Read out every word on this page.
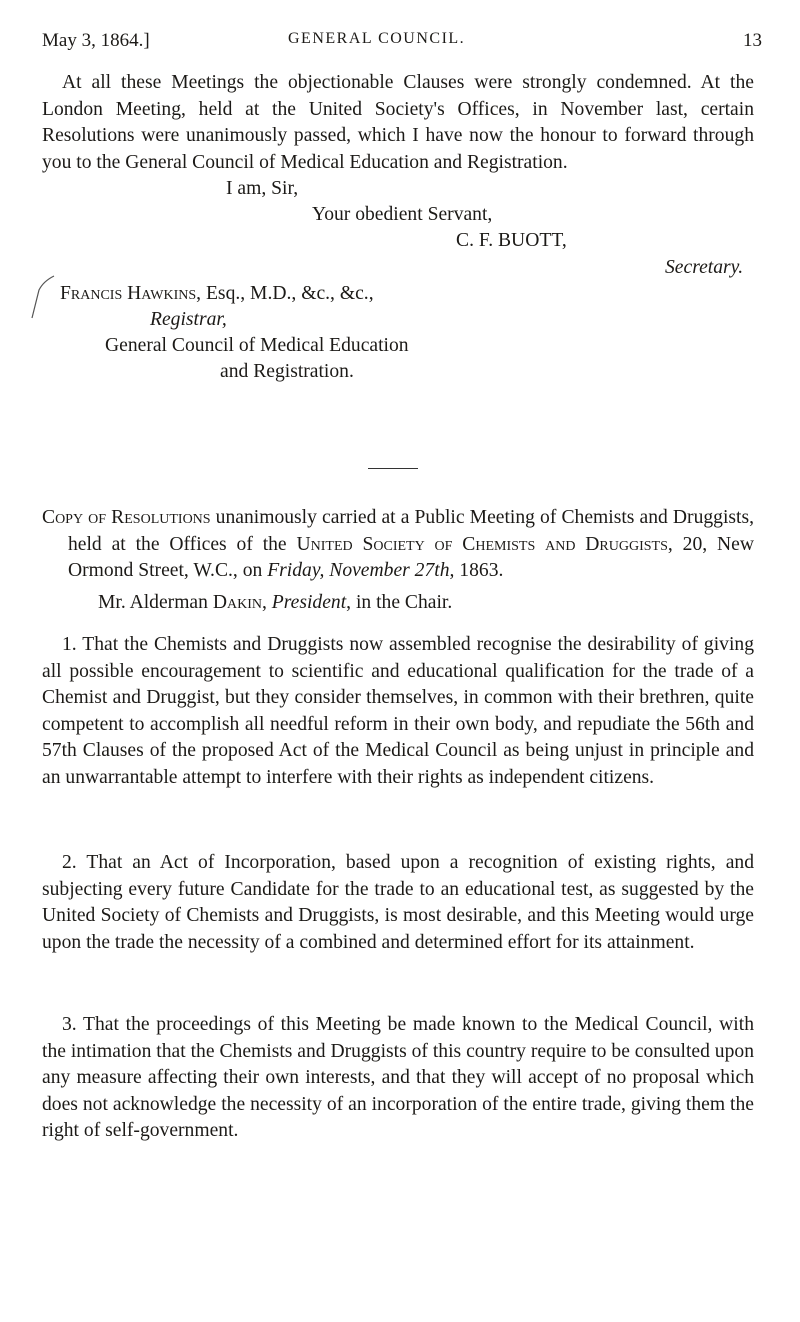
May 3, 1864.]	GENERAL COUNCIL.	13

At all these Meetings the objectionable Clauses were strongly condemned. At the London Meeting, held at the United Society's Offices, in November last, certain Resolutions were unanimously passed, which I have now the honour to forward through you to the General Council of Medical Education and Registration.

I am, Sir,
Your obedient Servant,
C. F. BUOTT,
Secretary.
Francis Hawkins, Esq., M.D., &c., &c.,
Registrar,
General Council of Medical Education
and Registration.

Copy of Resolutions unanimously carried at a Public Meeting of Chemists and Druggists, held at the Offices of the United Society of Chemists and Druggists, 20, New Ormond Street, W.C., on Friday, November 27th, 1863.

Mr. Alderman Dakin, President, in the Chair.

1. That the Chemists and Druggists now assembled recognise the desirability of giving all possible encouragement to scientific and educational qualification for the trade of a Chemist and Druggist, but they consider themselves, in common with their brethren, quite competent to accomplish all needful reform in their own body, and repudiate the 56th and 57th Clauses of the proposed Act of the Medical Council as being unjust in principle and an unwarrantable attempt to interfere with their rights as independent citizens.

2. That an Act of Incorporation, based upon a recognition of existing rights, and subjecting every future Candidate for the trade to an educational test, as suggested by the United Society of Chemists and Druggists, is most desirable, and this Meeting would urge upon the trade the necessity of a combined and determined effort for its attainment.

3. That the proceedings of this Meeting be made known to the Medical Council, with the intimation that the Chemists and Druggists of this country require to be consulted upon any measure affecting their own interests, and that they will accept of no proposal which does not acknowledge the necessity of an incorporation of the entire trade, giving them the right of self-government.
